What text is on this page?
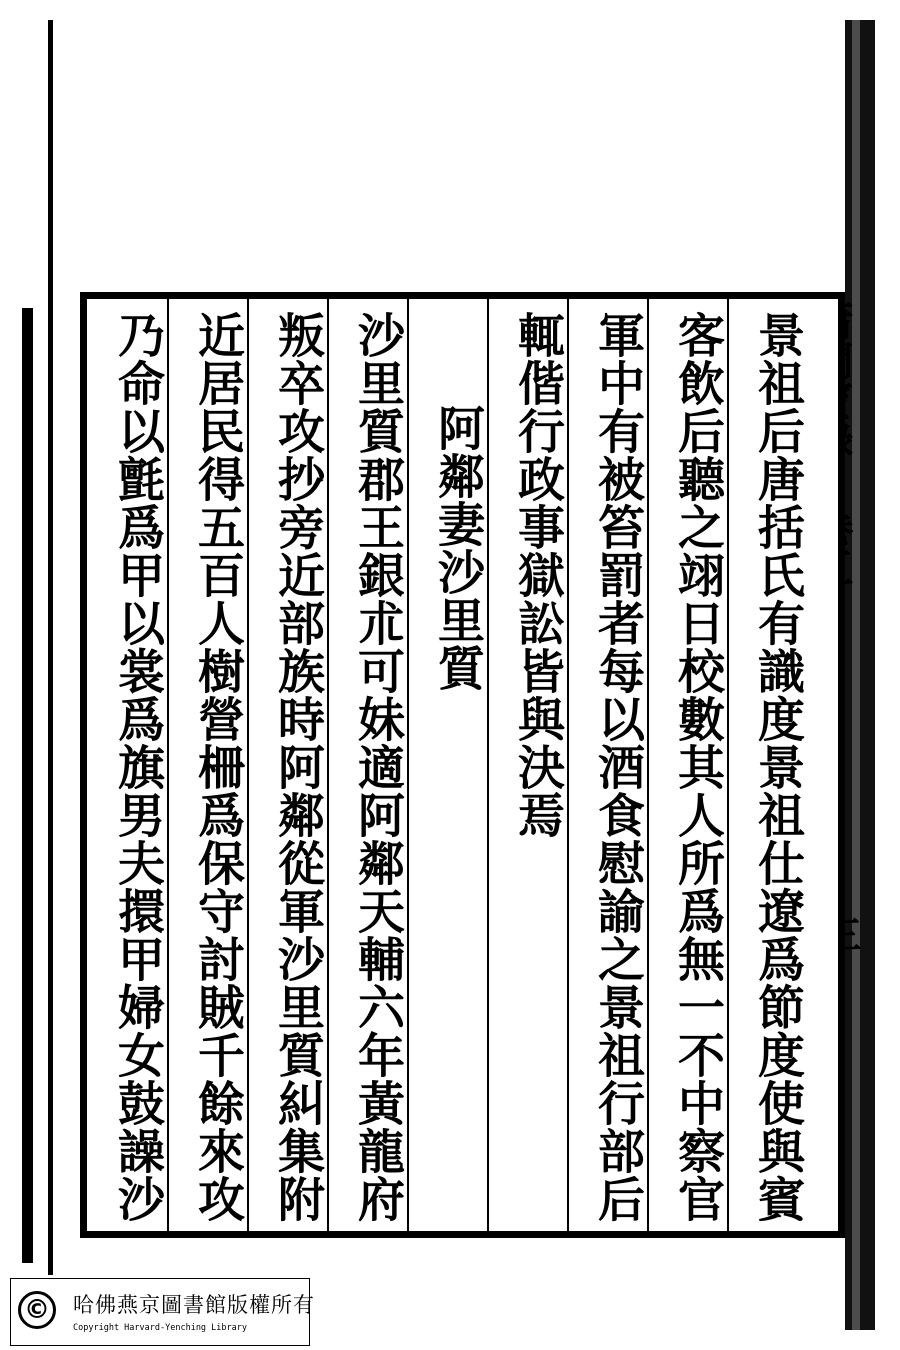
景祖后唐括氏有識度景祖仕遼爲節度使與賓
客飲后聽之翊日校數其人所爲無一不中察官
軍中有被笞罰者每以酒食慰諭之景祖行部后
輒偕行政事獄訟皆與決焉
阿鄰妻沙里質
沙里質郡王銀朮可妹適阿鄰天輔六年黃龍府
叛卒攻抄旁近部族時阿鄰從軍沙里質糾集附
近居民得五百人樹營柵爲保守討賊千餘來攻
乃命以氈爲甲以裳爲旗男夫擐甲婦女鼓譟沙
© 哈佛燕京圖書館版權所有
Copyright Harvard-Yenching Library
